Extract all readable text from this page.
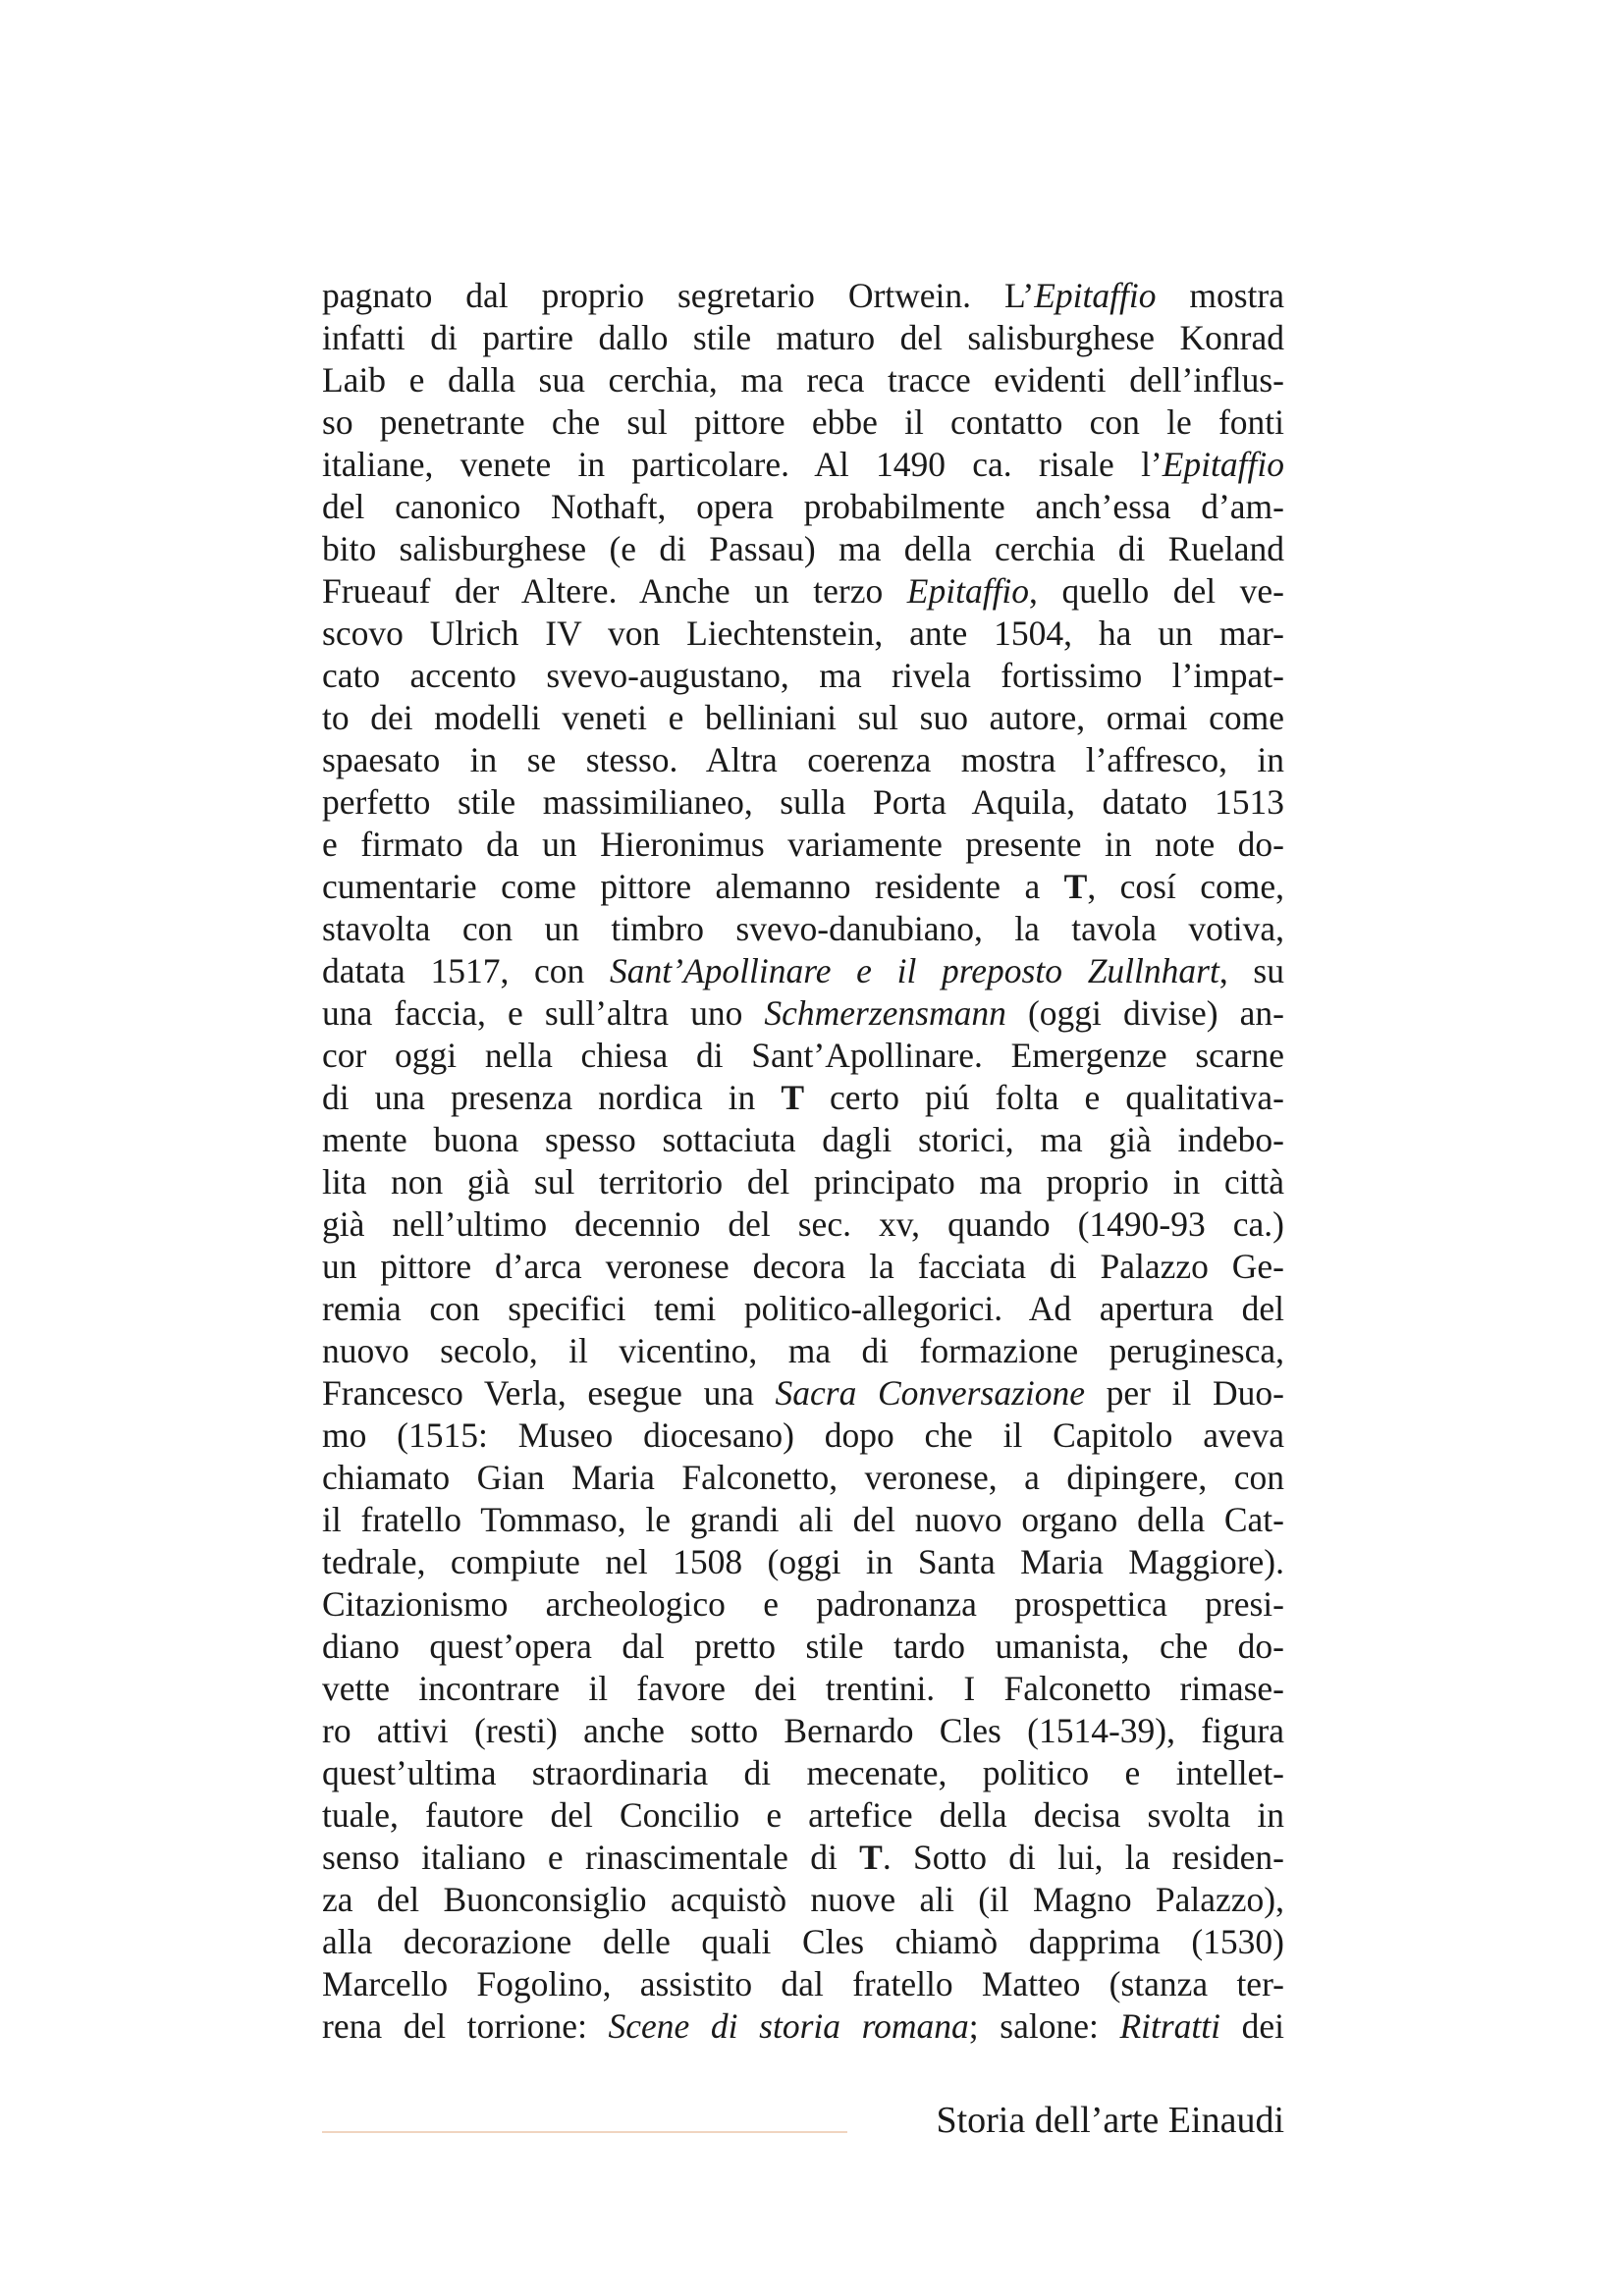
pagnato dal proprio segretario Ortwein. L’Epitaffio mostra
infatti di partire dallo stile maturo del salisburghese Konrad
Laib e dalla sua cerchia, ma reca tracce evidenti dell’influs-
so penetrante che sul pittore ebbe il contatto con le fonti
italiane, venete in particolare. Al 1490 ca. risale l’Epitaffio
del canonico Nothaft, opera probabilmente anch’essa d’am-
bito salisburghese (e di Passau) ma della cerchia di Rueland
Frueauf der Altere. Anche un terzo Epitaffio, quello del ve-
scovo Ulrich IV von Liechtenstein, ante 1504, ha un mar-
cato accento svevo-augustano, ma rivela fortissimo l’impat-
to dei modelli veneti e belliniani sul suo autore, ormai come
spaesato in se stesso. Altra coerenza mostra l’affresco, in
perfetto stile massimilianeo, sulla Porta Aquila, datato 1513
e firmato da un Hieronimus variamente presente in note do-
cumentarie come pittore alemanno residente a T, cosí come,
stavolta con un timbro svevo-danubiano, la tavola votiva,
datata 1517, con Sant’Apollinare e il preposto Zullnhart, su
una faccia, e sull’altra uno Schmerzensmann (oggi divise) an-
cor oggi nella chiesa di Sant’Apollinare. Emergenze scarne
di una presenza nordica in T certo piú folta e qualitativa-
mente buona spesso sottaciuta dagli storici, ma già indebo-
lita non già sul territorio del principato ma proprio in città
già nell’ultimo decennio del sec. xv, quando (1490-93 ca.)
un pittore d’arca veronese decora la facciata di Palazzo Ge-
remia con specifici temi politico-allegorici. Ad apertura del
nuovo secolo, il vicentino, ma di formazione peruginesca,
Francesco Verla, esegue una Sacra Conversazione per il Duo-
mo (1515: Museo diocesano) dopo che il Capitolo aveva
chiamato Gian Maria Falconetto, veronese, a dipingere, con
il fratello Tommaso, le grandi ali del nuovo organo della Cat-
tedrale, compiute nel 1508 (oggi in Santa Maria Maggiore).
Citazionismo archeologico e padronanza prospettica presi-
diano quest’opera dal pretto stile tardo umanista, che do-
vette incontrare il favore dei trentini. I Falconetto rimase-
ro attivi (resti) anche sotto Bernardo Cles (1514-39), figura
quest’ultima straordinaria di mecenate, politico e intellet-
tuale, fautore del Concilio e artefice della decisa svolta in
senso italiano e rinascimentale di T. Sotto di lui, la residen-
za del Buonconsiglio acquistò nuove ali (il Magno Palazzo),
alla decorazione delle quali Cles chiamò dapprima (1530)
Marcello Fogolino, assistito dal fratello Matteo (stanza ter-
rena del torrione: Scene di storia romana; salone: Ritratti dei
Storia dell’arte Einaudi
